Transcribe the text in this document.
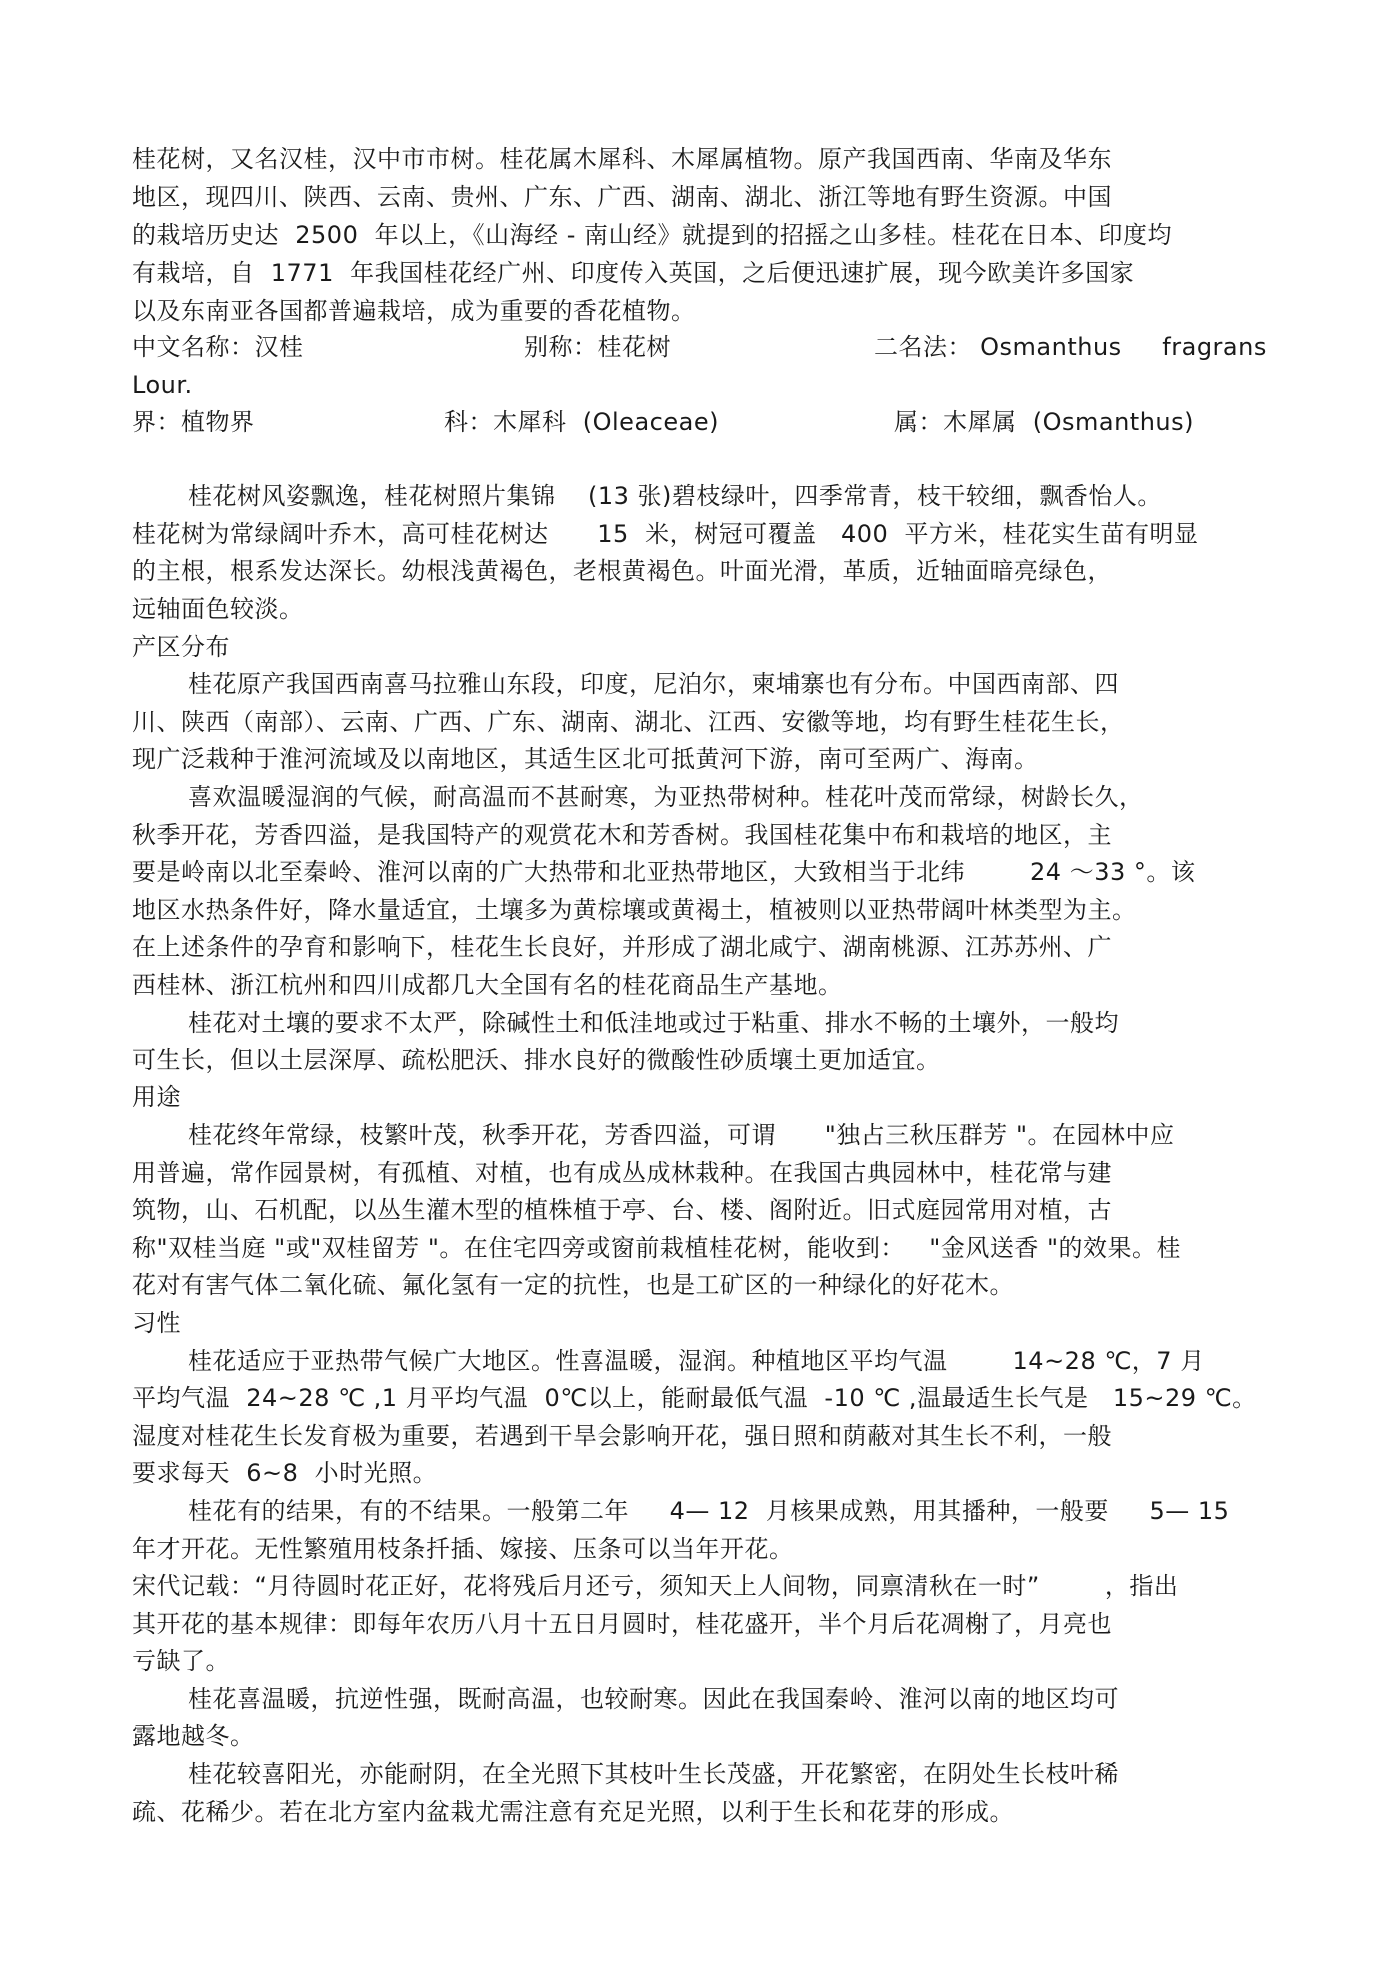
桂花树，又名汉桂，汉中市市树。桂花属木犀科、木犀属植物。原产我国西南、华南及华东
地区，现四川、陕西、云南、贵州、广东、广西、湖南、湖北、浙江等地有野生资源。中国
的栽培历史达  2500  年以上，《山海经 - 南山经》就提到的招摇之山多桂。桂花在日本、印度均
有栽培，自  1771  年我国桂花经广州、印度传入英国，之后便迅速扩展，现今欧美许多国家
以及东南亚各国都普遍栽培，成为重要的香花植物。
中文名称：汉桂	别称：桂花树	二名法： Osmanthus     fragrans
Lour.
界：植物界	科：木犀科  (Oleaceae)	属：木犀属  (Osmanthus)
桂花树风姿飘逸，桂花树照片集锦    (13 张)碧枝绿叶，四季常青，枝干较细，飘香怡人。
桂花树为常绿阔叶乔木，高可桂花树达      15  米，树冠可覆盖   400  平方米，桂花实生苗有明显
的主根，根系发达深长。幼根浅黄褐色，老根黄褐色。叶面光滑，革质，近轴面暗亮绿色，
远轴面色较淡。
产区分布
桂花原产我国西南喜马拉雅山东段，印度，尼泊尔，柬埔寨也有分布。中国西南部、四
川、陕西（南部）、云南、广西、广东、湖南、湖北、江西、安徽等地，均有野生桂花生长，
现广泛栽种于淮河流域及以南地区，其适生区北可抵黄河下游，南可至两广、海南。
喜欢温暖湿润的气候，耐高温而不甚耐寒，为亚热带树种。桂花叶茂而常绿，树龄长久，
秋季开花，芳香四溢，是我国特产的观赏花木和芳香树。我国桂花集中布和栽培的地区，主
要是岭南以北至秦岭、淮河以南的广大热带和北亚热带地区，大致相当于北纬        24 ～33 °。该
地区水热条件好，降水量适宜，土壤多为黄棕壤或黄褐土，植被则以亚热带阔叶林类型为主。
在上述条件的孕育和影响下，桂花生长良好，并形成了湖北咸宁、湖南桃源、江苏苏州、广
西桂林、浙江杭州和四川成都几大全国有名的桂花商品生产基地。
桂花对土壤的要求不太严，除碱性土和低洼地或过于粘重、排水不畅的土壤外，一般均
可生长，但以土层深厚、疏松肥沃、排水良好的微酸性砂质壤土更加适宜。
用途
桂花终年常绿，枝繁叶茂，秋季开花，芳香四溢，可谓      "独占三秋压群芳 "。在园林中应
用普遍，常作园景树，有孤植、对植，也有成丛成林栽种。在我国古典园林中，桂花常与建
筑物，山、石机配，以丛生灌木型的植株植于亭、台、楼、阁附近。旧式庭园常用对植，古
称"双桂当庭 "或"双桂留芳 "。在住宅四旁或窗前栽植桂花树，能收到：   "金风送香 "的效果。桂
花对有害气体二氧化硫、氟化氢有一定的抗性，也是工矿区的一种绿化的好花木。
习性
桂花适应于亚热带气候广大地区。性喜温暖，湿润。种植地区平均气温        14~28 ℃，7 月
平均气温  24~28 ℃ ,1 月平均气温  0℃以上，能耐最低气温  -10 ℃ ,温最适生长气是   15~29 ℃。
湿度对桂花生长发育极为重要，若遇到干旱会影响开花，强日照和荫蔽对其生长不利，一般
要求每天  6~8  小时光照。
桂花有的结果，有的不结果。一般第二年     4— 12  月核果成熟，用其播种，一般要     5— 15
年才开花。无性繁殖用枝条扦插、嫁接、压条可以当年开花。
宋代记载：“月待圆时花正好，花将残后月还亏，须知天上人间物，同禀清秋在一时”        ，指出
其开花的基本规律：即每年农历八月十五日月圆时，桂花盛开，半个月后花凋榭了，月亮也
亏缺了。
桂花喜温暖，抗逆性强，既耐高温，也较耐寒。因此在我国秦岭、淮河以南的地区均可
露地越冬。
桂花较喜阳光，亦能耐阴，在全光照下其枝叶生长茂盛，开花繁密，在阴处生长枝叶稀
疏、花稀少。若在北方室内盆栽尤需注意有充足光照，以利于生长和花芽的形成。
